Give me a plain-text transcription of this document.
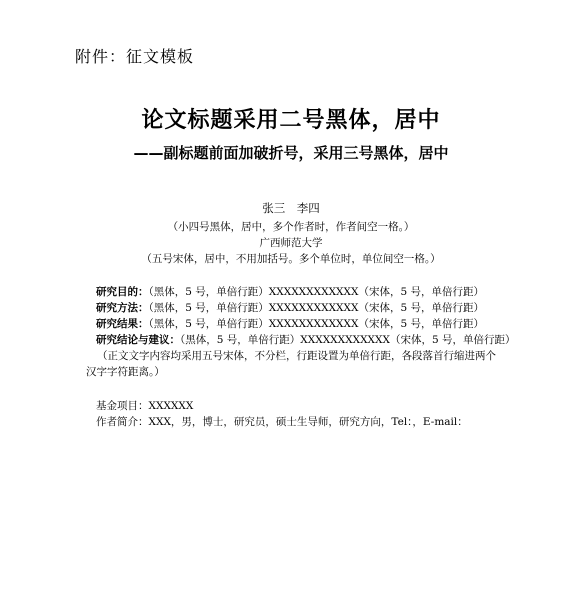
附件：征文模板
论文标题采用二号黑体，居中
——副标题前面加破折号，采用三号黑体，居中
张三　李四
（小四号黑体，居中，多个作者时，作者间空一格。）
广西师范大学
（五号宋体，居中，不用加括号。多个单位时，单位间空一格。）
研究目的：（黑体，5 号，单倍行距）XXXXXXXXXXXX（宋体，5 号，单倍行距）
研究方法：（黑体，5 号，单倍行距）XXXXXXXXXXXX（宋体，5 号，单倍行距）
研究结果：（黑体，5 号，单倍行距）XXXXXXXXXXXX（宋体，5 号，单倍行距）
研究结论与建议：（黑体，5 号，单倍行距）XXXXXXXXXXXX（宋体，5 号，单倍行距）
（正文文字内容均采用五号宋体，不分栏，行距设置为单倍行距，各段落首行缩进两个
汉字字符距离。）
基金项目：XXXXXX
作者简介：XXX，男，博士，研究员，硕士生导师，研究方向，Tel：，E-mail：
